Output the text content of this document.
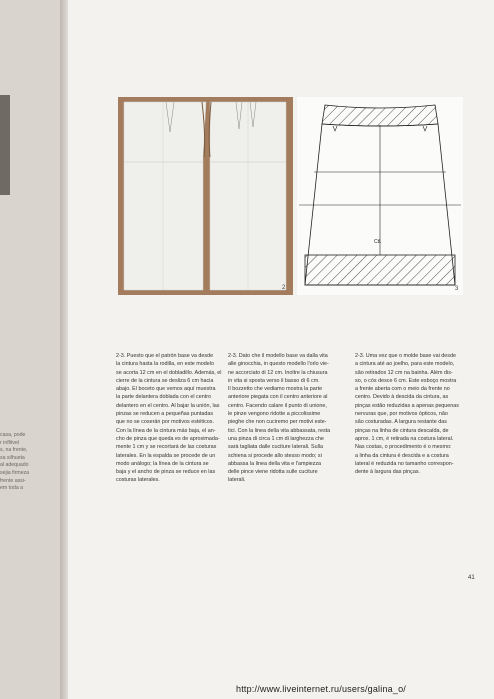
casa, pode
r inflitvel
s, na frente,
sa silhueta
al adequado
sejia firmeza
frente assi-
em toda a
2
Ctl.
3
2-3. Puesto que el patrón base va desde
la cintura hasta la rodilla, en este modelo
se acorta 12 cm en el dobladillo. Además, el
cierre de la cintura se desliza 6 cm hacia
abajo. El boceto que vemos aquí muestra
la parte delantera doblada con el centro
delantero en el centro. Al bajar la unión, las
pinzas se reducen a pequeñas puntadas
que no se coserán por motivos estéticos.
Con la línea de la cintura más baja, el an-
cho de pinza que queda es de aproximada-
mente 1 cm y se recortará de las costuras
laterales. En la espalda se procede de un
modo análogo; la línea de la cintura se
baja y el ancho de pinza se reduce en las
costuras laterales.
2-3. Dato che il modello base va dalla vita
alle ginocchia, in questo modello l'orlo vie-
ne accorciato di 12 cm. Inoltre la chiusura
in vita si sposta verso il basso di 6 cm.
Il bozzetto che vediamo mostra la parte
anteriore piegata con il centro anteriore al
centro. Facendo calare il punto di unione,
le pinze vengono ridotte a piccolissime
pieghe che non cuciremo per motivi este-
tici. Con la linea della vita abbassata, resta
una pinza di circa 1 cm di larghezza che
sarà tagliata dalle cuciture laterali. Sulla
schiena si procede allo stesso modo; si
abbassa la linea della vita e l'ampiezza
delle pince viene ridotta sulle cuciture
laterali.
2-3. Uma vez que o molde base vai desde
a cintura até ao joelho, para este modelo,
são retirados 12 cm na bainha. Além dis-
so, o cós desce 6 cm. Este esboço mostra
a frente aberta com o meio da frente no
centro. Devido à descida da cintura, as
pinças estão reduzidas a apenas pequenas
nervuras que, por motivos ópticos, não
são costuradas. A largura restante das
pinças na linha de cintura descaída, de
aprox. 1 cm, é retirada na costura lateral.
Nas costas, o procedimento é o mesmo:
a linha da cintura é descida e a costura
lateral é reduzida no tamanho correspon-
dente à largura das pinças.
41
http://www.liveinternet.ru/users/galina_o/
